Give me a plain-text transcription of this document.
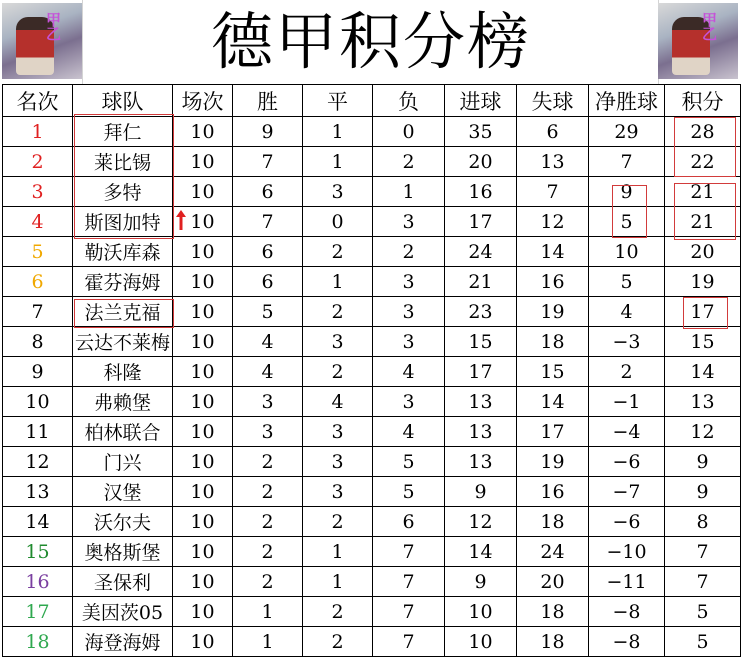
甲乙	德甲积分榜	甲乙
名次	球队	场次	胜	平	负	进球	失球	净胜球	积分
1	拜仁	10	9	1	0	35	6	29	28
2	莱比锡	10	7	1	2	20	13	7	22
3	多特	10	6	3	1	16	7	9	21
4	斯图加特	10	7	0	3	17	12	5	21
5	勒沃库森	10	6	2	2	24	14	10	20
6	霍芬海姆	10	6	1	3	21	16	5	19
7	法兰克福	10	5	2	3	23	19	4	17
8	云达不莱梅	10	4	3	3	15	18	−3	15
9	科隆	10	4	2	4	17	15	2	14
10	弗赖堡	10	3	4	3	13	14	−1	13
11	柏林联合	10	3	3	4	13	17	−4	12
12	门兴	10	2	3	5	13	19	−6	9
13	汉堡	10	2	3	5	9	16	−7	9
14	沃尔夫	10	2	2	6	12	18	−6	8
15	奥格斯堡	10	2	1	7	14	24	−10	7
16	圣保利	10	2	1	7	9	20	−11	7
17	美因茨05	10	1	2	7	10	18	−8	5
18	海登海姆	10	1	2	7	10	18	−8	5
